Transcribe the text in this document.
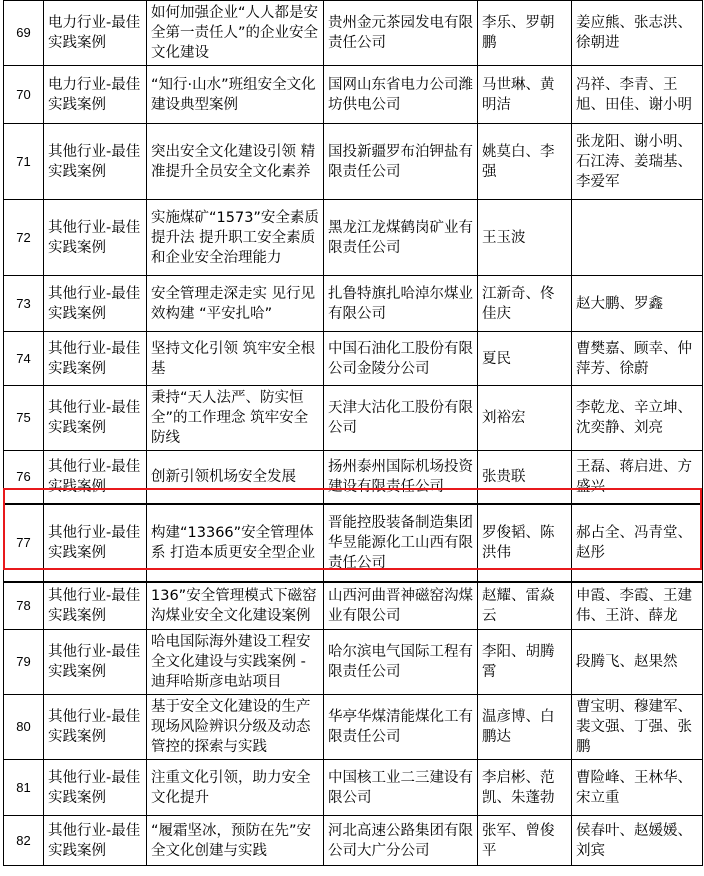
69	电力行业-最佳实践案例	如何加强企业“人人都是安全第一责任人”的企业安全文化建设	贵州金元茶园发电有限责任公司	李乐、罗朝鹏	姜应熊、张志洪、徐朝进
70	电力行业-最佳实践案例	“知行·山水”班组安全文化建设典型案例	国网山东省电力公司潍坊供电公司	马世琳、黄明洁	冯祥、李青、王旭、田佳、谢小明
71	其他行业-最佳实践案例	突出安全文化建设引领 精准提升全员安全文化素养	国投新疆罗布泊钾盐有限责任公司	姚莫白、李强	张龙阳、谢小明、石江涛、姜瑞基、李爱军
72	其他行业-最佳实践案例	实施煤矿“1573”安全素质提升法 提升职工安全素质和企业安全治理能力	黑龙江龙煤鹤岗矿业有限责任公司	王玉波	
73	其他行业-最佳实践案例	安全管理走深走实 见行见效构建 “平安扎哈”	扎鲁特旗扎哈淖尔煤业有限公司	江新奇、佟佳庆	赵大鹏、罗鑫
74	其他行业-最佳实践案例	坚持文化引领 筑牢安全根基	中国石油化工股份有限公司金陵分公司	夏民	曹樊嘉、顾幸、仲萍芳、徐蔚
75	其他行业-最佳实践案例	秉持“天人法严、防实恒全”的工作理念 筑牢安全防线	天津大沽化工股份有限公司	刘裕宏	李乾龙、辛立坤、沈奕静、刘亮
76	其他行业-最佳实践案例	创新引领机场安全发展	扬州泰州国际机场投资建设有限责任公司	张贵联	王磊、蒋启进、方盛兴
77	其他行业-最佳实践案例	构建“13366”安全管理体系 打造本质更安全型企业	晋能控股装备制造集团华昱能源化工山西有限责任公司	罗俊韬、陈洪伟	郝占全、冯青堂、赵彤
78	其他行业-最佳实践案例	136”安全管理模式下磁窑沟煤业安全文化建设案例	山西河曲晋神磁窑沟煤业有限公司	赵耀、雷焱云	申霞、李霞、王建伟、王浒、薛龙
79	其他行业-最佳实践案例	哈电国际海外建设工程安全文化建设与实践案例 - 迪拜哈斯彦电站项目	哈尔滨电气国际工程有限责任公司	李阳、胡腾霄	段腾飞、赵果然
80	其他行业-最佳实践案例	基于安全文化建设的生产现场风险辨识分级及动态管控的探索与实践	华亭华煤清能煤化工有限责任公司	温彦博、白鹏达	曹宝明、穆建军、裴文强、丁强、张鹏
81	其他行业-最佳实践案例	注重文化引领，助力安全文化提升	中国核工业二三建设有限公司	李启彬、范凯、朱蓬勃	曹险峰、王林华、宋立重
82	其他行业-最佳实践案例	“履霜坚冰，预防在先”安全文化创建与实践	河北高速公路集团有限公司大广分公司	张军、曾俊平	侯春叶、赵媛媛、刘宾
